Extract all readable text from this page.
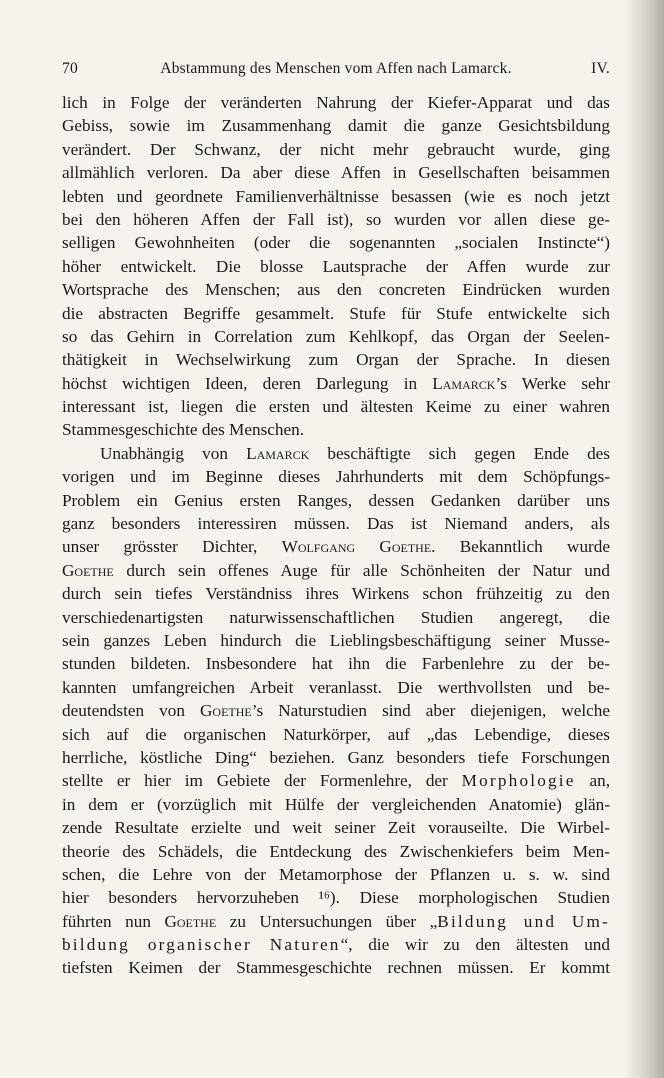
70	Abstammung des Menschen vom Affen nach Lamarck.	IV.
lich in Folge der veränderten Nahrung der Kiefer-Apparat und das
Gebiss, sowie im Zusammenhang damit die ganze Gesichtsbildung
verändert. Der Schwanz, der nicht mehr gebraucht wurde, ging
allmählich verloren. Da aber diese Affen in Gesellschaften beisammen
lebten und geordnete Familienverhältnisse besassen (wie es noch jetzt
bei den höheren Affen der Fall ist), so wurden vor allen diese ge-
selligen Gewohnheiten (oder die sogenannten „socialen Instincte“)
höher entwickelt. Die blosse Lautsprache der Affen wurde zur
Wortsprache des Menschen; aus den concreten Eindrücken wurden
die abstracten Begriffe gesammelt. Stufe für Stufe entwickelte sich
so das Gehirn in Correlation zum Kehlkopf, das Organ der Seelen-
thätigkeit in Wechselwirkung zum Organ der Sprache. In diesen
höchst wichtigen Ideen, deren Darlegung in Lamarck’s Werke sehr
interessant ist, liegen die ersten und ältesten Keime zu einer wahren
Stammesgeschichte des Menschen.
Unabhängig von Lamarck beschäftigte sich gegen Ende des
vorigen und im Beginne dieses Jahrhunderts mit dem Schöpfungs-
Problem ein Genius ersten Ranges, dessen Gedanken darüber uns
ganz besonders interessiren müssen. Das ist Niemand anders, als
unser grösster Dichter, Wolfgang Goethe. Bekanntlich wurde
Goethe durch sein offenes Auge für alle Schönheiten der Natur und
durch sein tiefes Verständniss ihres Wirkens schon frühzeitig zu den
verschiedenartigsten naturwissenschaftlichen Studien angeregt, die
sein ganzes Leben hindurch die Lieblingsbeschäftigung seiner Musse-
stunden bildeten. Insbesondere hat ihn die Farbenlehre zu der be-
kannten umfangreichen Arbeit veranlasst. Die werthvollsten und be-
deutendsten von Goethe’s Naturstudien sind aber diejenigen, welche
sich auf die organischen Naturkörper, auf „das Lebendige, dieses
herrliche, köstliche Ding“ beziehen. Ganz besonders tiefe Forschungen
stellte er hier im Gebiete der Formenlehre, der Morphologie an,
in dem er (vorzüglich mit Hülfe der vergleichenden Anatomie) glän-
zende Resultate erzielte und weit seiner Zeit vorauseilte. Die Wirbel-
theorie des Schädels, die Entdeckung des Zwischenkiefers beim Men-
schen, die Lehre von der Metamorphose der Pflanzen u. s. w. sind
hier besonders hervorzuheben ¹⁶). Diese morphologischen Studien
führten nun Goethe zu Untersuchungen über „Bildung und Um-
bildung organischer Naturen“, die wir zu den ältesten und
tiefsten Keimen der Stammesgeschichte rechnen müssen. Er kommt
